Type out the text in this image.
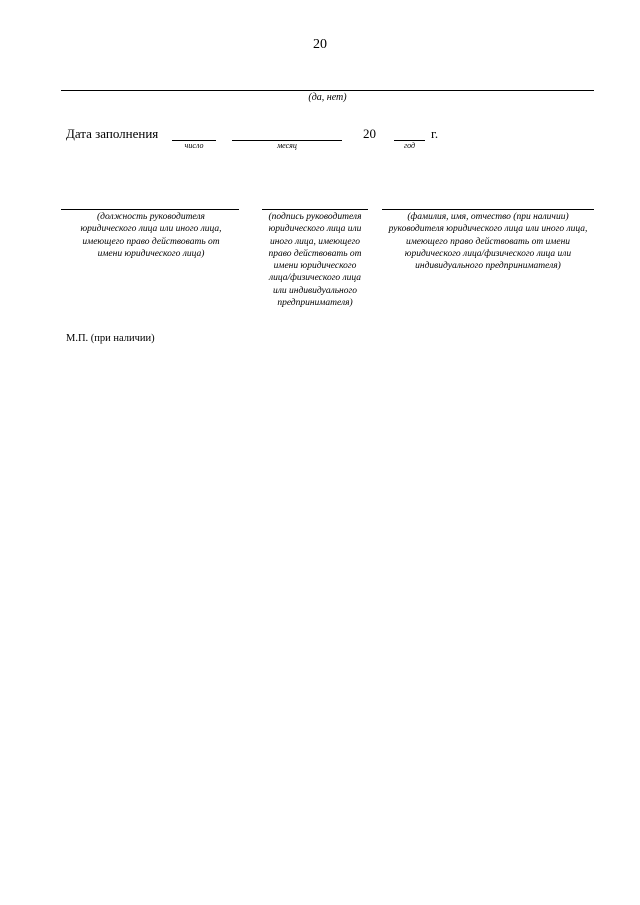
20
(да, нет)
Дата заполнения
число	месяц
20
год
г.
(должность руководителя юридического лица или иного лица, имеющего право действовать от имени юридического лица)
(подпись руководителя юридического лица или иного лица, имеющего право действовать от имени юридического лица/физического лица или индивидуального предпринимателя)
(фамилия, имя, отчество (при наличии) руководителя юридического лица или иного лица, имеющего право действовать от имени юридического лица/физического лица или индивидуального предпринимателя)
М.П. (при наличии)
